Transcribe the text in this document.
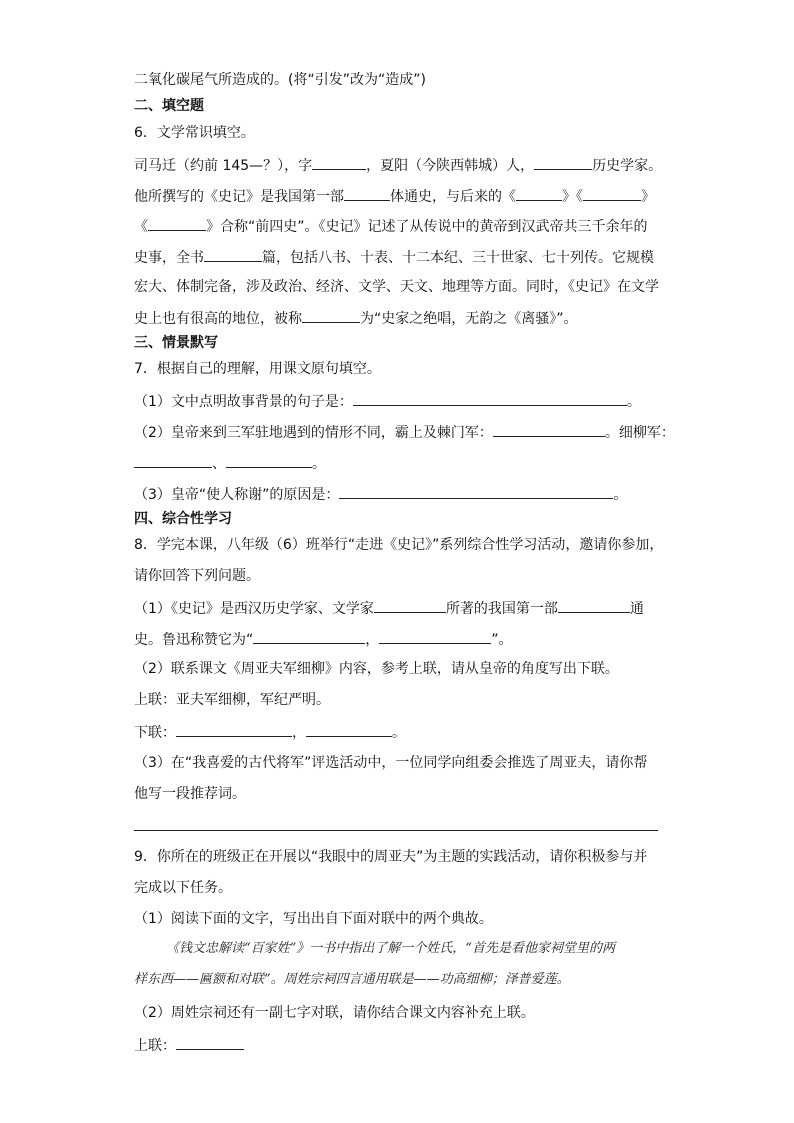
二氧化碳尾气所造成的。(将“引发”改为“造成”)
二、填空题
6．文学常识填空。
司马迁（约前 145—？），字	，夏阳（今陕西韩城）人，	历史学家。
他所撰写的《史记》是我国第一部	体通史，与后来的《	》《	》
《	》合称“前四史”。《史记》记述了从传说中的黄帝到汉武帝共三千余年的
史事，全书	篇，包括八书、十表、十二本纪、三十世家、七十列传。它规模
宏大、体制完备，涉及政治、经济、文学、天文、地理等方面。同时，《史记》在文学
史上也有很高的地位，被称	为“史家之绝唱，无韵之《离骚》”。
三、情景默写
7．根据自己的理解，用课文原句填空。
（1）文中点明故事背景的句子是：	。
（2）皇帝来到三军驻地遇到的情形不同，霸上及棘门军：	。细柳军：
、	。
（3）皇帝“使人称谢”的原因是：	。
四、综合性学习
8．学完本课，八年级（6）班举行“走进《史记》”系列综合性学习活动，邀请你参加，
请你回答下列问题。
（1）《史记》是西汉历史学家、文学家	所著的我国第一部	通
史。鲁迅称赞它为“	，	”。
（2）联系课文《周亚夫军细柳》内容，参考上联，请从皇帝的角度写出下联。
上联：亚夫军细柳，军纪严明。
下联：	，	。
（3）在“我喜爱的古代将军”评选活动中，一位同学向组委会推选了周亚夫，请你帮
他写一段推荐词。
9．你所在的班级正在开展以“我眼中的周亚夫”为主题的实践活动，请你积极参与并
完成以下任务。
（1）阅读下面的文字，写出出自下面对联中的两个典故。
《钱文忠解读“百家姓”》一书中指出了解一个姓氏，“首先是看他家祠堂里的两
样东西——匾额和对联”。周姓宗祠四言通用联是——功高细柳；泽普爱莲。
（2）周姓宗祠还有一副七字对联，请你结合课文内容补充上联。
上联：
